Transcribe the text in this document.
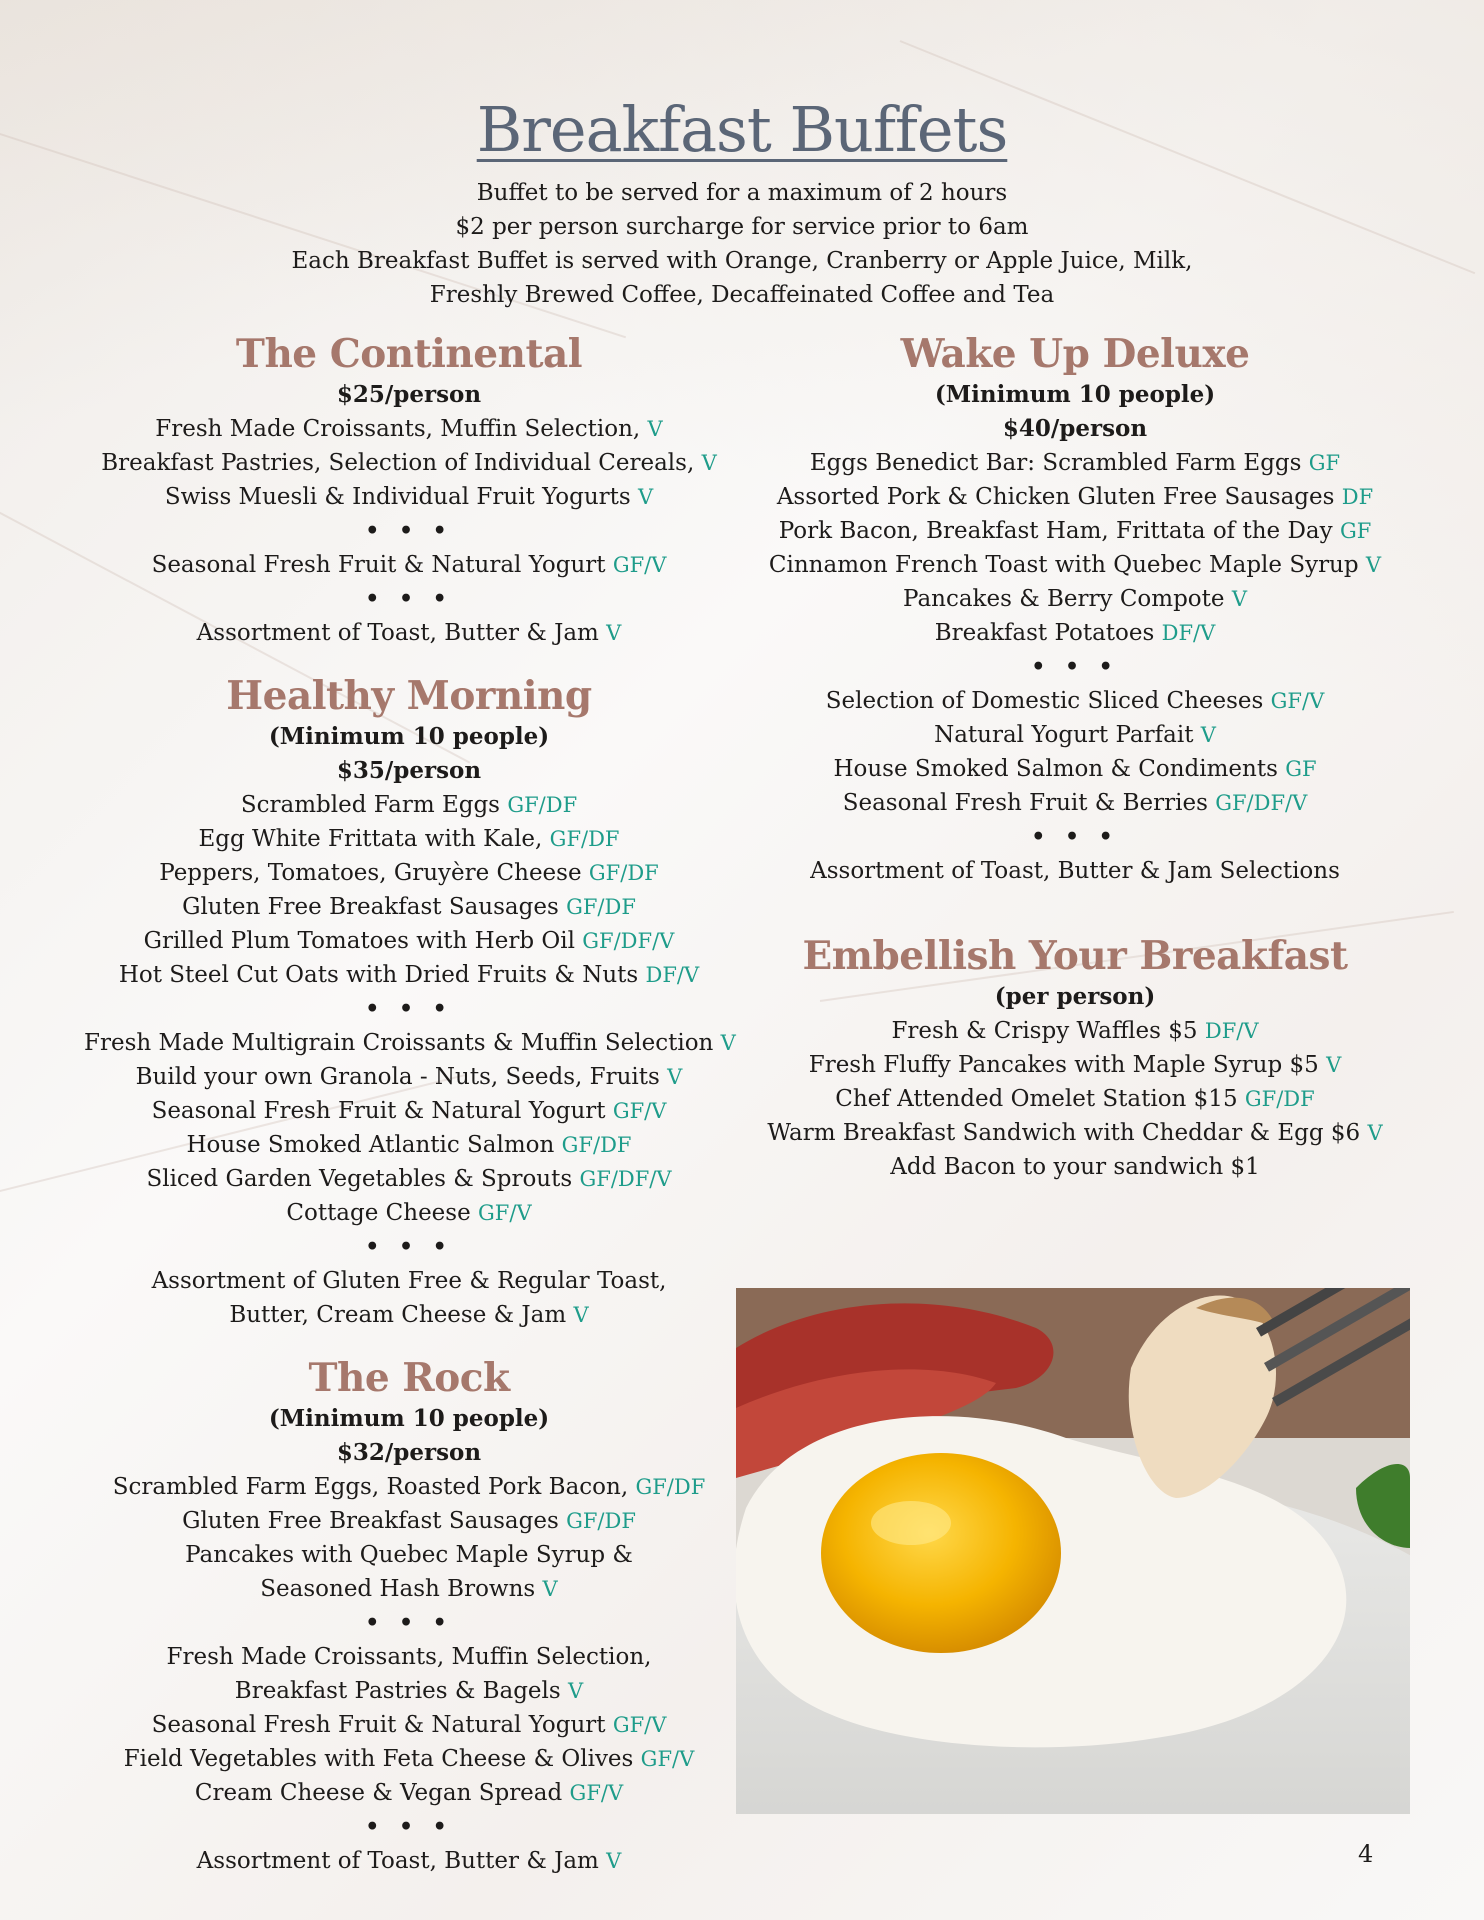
Breakfast Buffets
Buffet to be served for a maximum of 2 hours
$2 per person surcharge for service prior to 6am
Each Breakfast Buffet is served with Orange, Cranberry or Apple Juice, Milk,
Freshly Brewed Coffee, Decaffeinated Coffee and Tea
The Continental
$25/person
Fresh Made Croissants, Muffin Selection, V
Breakfast Pastries, Selection of Individual Cereals, V
Swiss Muesli & Individual Fruit Yogurts V
• • •
Seasonal Fresh Fruit & Natural Yogurt GF/V
• • •
Assortment of Toast, Butter & Jam V
Healthy Morning
(Minimum 10 people)
$35/person
Scrambled Farm Eggs GF/DF
Egg White Frittata with Kale, GF/DF
Peppers, Tomatoes, Gruyère Cheese GF/DF
Gluten Free Breakfast Sausages GF/DF
Grilled Plum Tomatoes with Herb Oil GF/DF/V
Hot Steel Cut Oats with Dried Fruits & Nuts DF/V
• • •
Fresh Made Multigrain Croissants & Muffin Selection V
Build your own Granola - Nuts, Seeds, Fruits V
Seasonal Fresh Fruit & Natural Yogurt GF/V
House Smoked Atlantic Salmon GF/DF
Sliced Garden Vegetables & Sprouts GF/DF/V
Cottage Cheese GF/V
• • •
Assortment of Gluten Free & Regular Toast,
Butter, Cream Cheese & Jam V
The Rock
(Minimum 10 people)
$32/person
Scrambled Farm Eggs, Roasted Pork Bacon, GF/DF
Gluten Free Breakfast Sausages GF/DF
Pancakes with Quebec Maple Syrup &
Seasoned Hash Browns V
• • •
Fresh Made Croissants, Muffin Selection,
Breakfast Pastries & Bagels V
Seasonal Fresh Fruit & Natural Yogurt GF/V
Field Vegetables with Feta Cheese & Olives GF/V
Cream Cheese & Vegan Spread GF/V
• • •
Assortment of Toast, Butter & Jam V
Wake Up Deluxe
(Minimum 10 people)
$40/person
Eggs Benedict Bar: Scrambled Farm Eggs GF
Assorted Pork & Chicken Gluten Free Sausages DF
Pork Bacon, Breakfast Ham, Frittata of the Day GF
Cinnamon French Toast with Quebec Maple Syrup V
Pancakes & Berry Compote V
Breakfast Potatoes DF/V
• • •
Selection of Domestic Sliced Cheeses GF/V
Natural Yogurt Parfait V
House Smoked Salmon & Condiments GF
Seasonal Fresh Fruit & Berries GF/DF/V
• • •
Assortment of Toast, Butter & Jam Selections
Embellish Your Breakfast
(per person)
Fresh & Crispy Waffles $5 DF/V
Fresh Fluffy Pancakes with Maple Syrup $5 V
Chef Attended Omelet Station $15 GF/DF
Warm Breakfast Sandwich with Cheddar & Egg $6 V
Add Bacon to your sandwich $1
4
